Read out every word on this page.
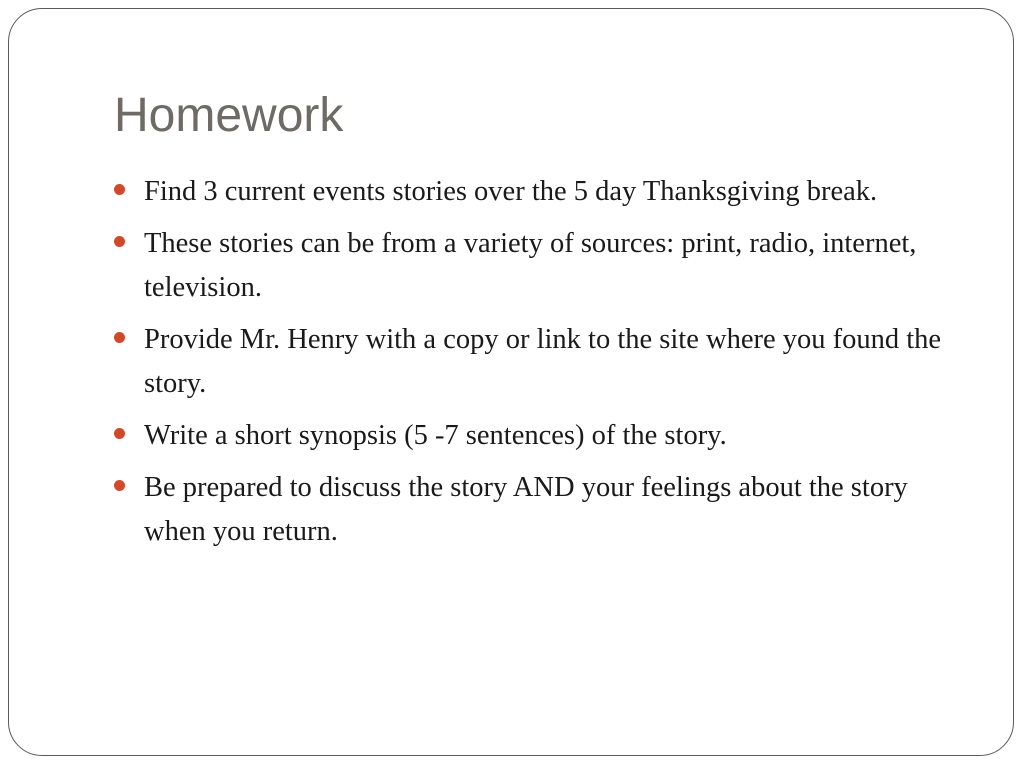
Homework
Find 3 current events stories over the 5 day Thanksgiving break.
These stories can be from a variety of sources: print, radio, internet, television.
Provide Mr. Henry with a copy or link to the site where you found the story.
Write a short synopsis (5 -7 sentences) of the story.
Be prepared to discuss the story AND your feelings about the story when you return.
